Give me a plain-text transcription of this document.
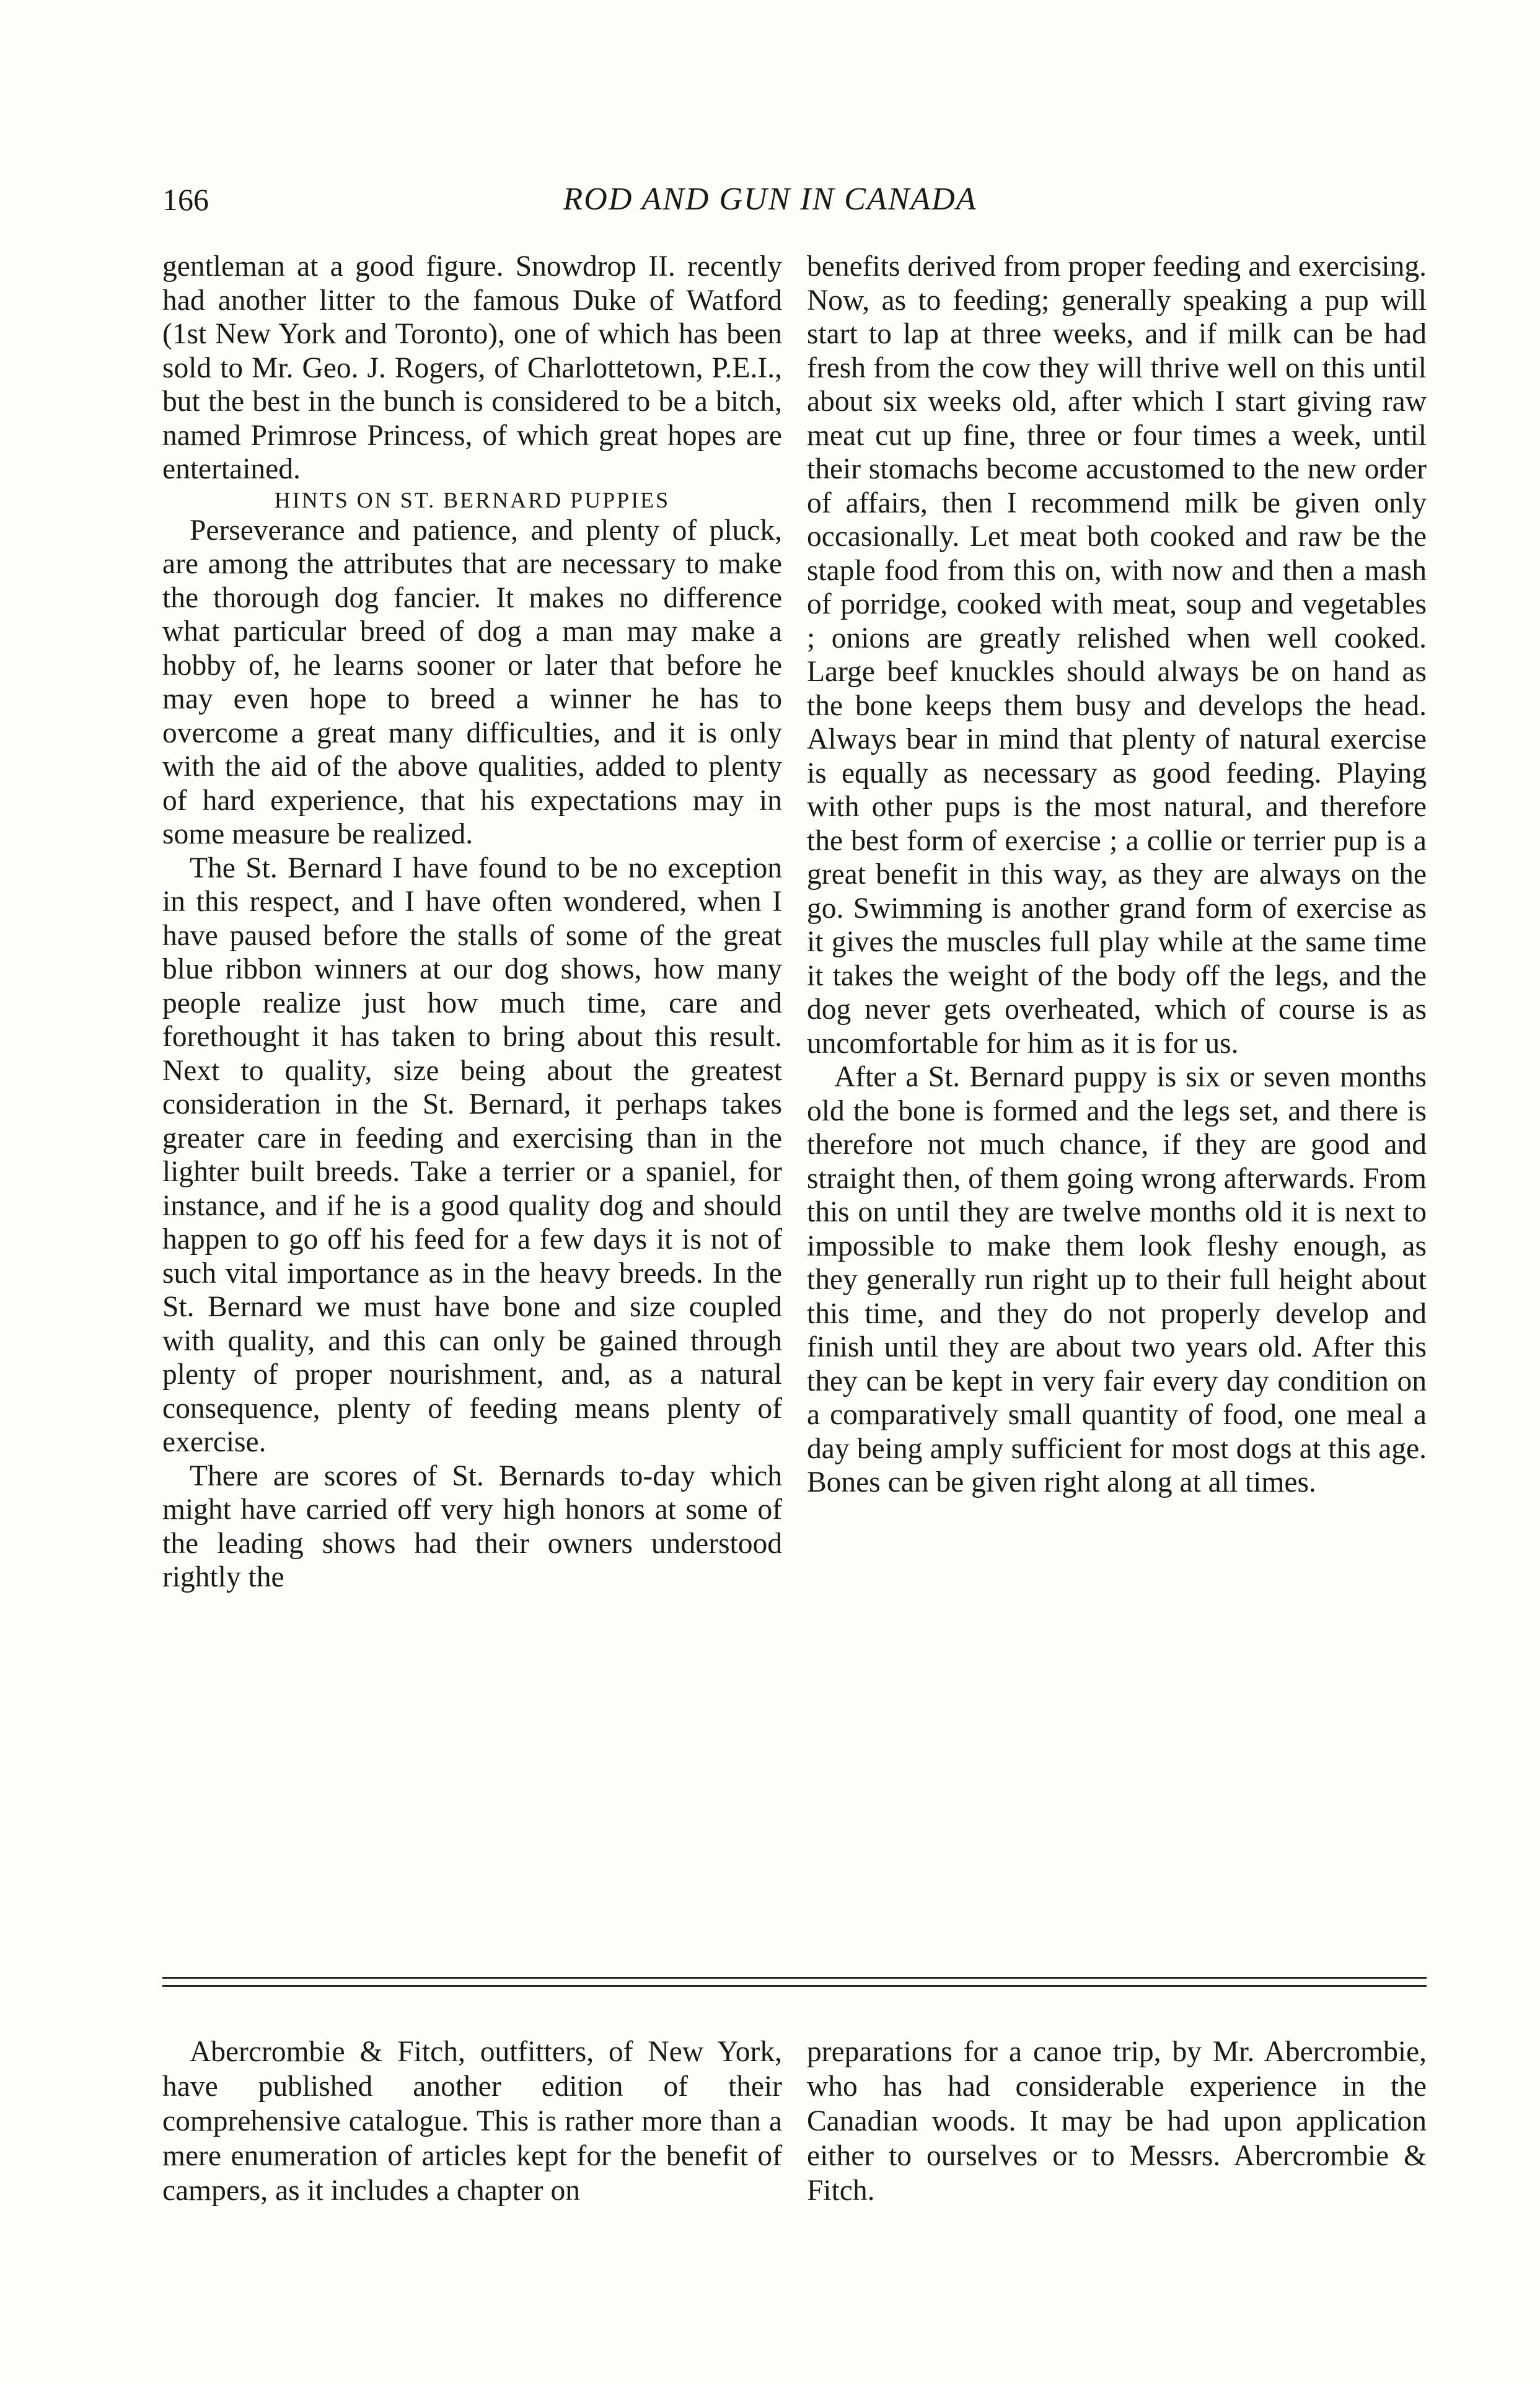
166	ROD AND GUN IN CANADA

gentleman at a good figure. Snowdrop II. recently had another litter to the famous Duke of Watford (1st New York and Toronto), one of which has been sold to Mr. Geo. J. Rogers, of Charlottetown, P.E.I., but the best in the bunch is considered to be a bitch, named Primrose Princess, of which great hopes are entertained.

HINTS ON ST. BERNARD PUPPIES

Perseverance and patience, and plenty of pluck, are among the attributes that are necessary to make the thorough dog fancier. It makes no difference what particular breed of dog a man may make a hobby of, he learns sooner or later that before he may even hope to breed a winner he has to overcome a great many difficulties, and it is only with the aid of the above qualities, added to plenty of hard experience, that his expectations may in some measure be realized.

The St. Bernard I have found to be no exception in this respect, and I have often wondered, when I have paused before the stalls of some of the great blue ribbon winners at our dog shows, how many people realize just how much time, care and forethought it has taken to bring about this result. Next to quality, size being about the greatest consideration in the St. Bernard, it perhaps takes greater care in feeding and exercising than in the lighter built breeds. Take a terrier or a spaniel, for instance, and if he is a good quality dog and should happen to go off his feed for a few days it is not of such vital importance as in the heavy breeds. In the St. Bernard we must have bone and size coupled with quality, and this can only be gained through plenty of proper nourishment, and, as a natural consequence, plenty of feeding means plenty of exercise.

There are scores of St. Bernards to-day which might have carried off very high honors at some of the leading shows had their owners understood rightly the

benefits derived from proper feeding and exercising. Now, as to feeding; generally speaking a pup will start to lap at three weeks, and if milk can be had fresh from the cow they will thrive well on this until about six weeks old, after which I start giving raw meat cut up fine, three or four times a week, until their stomachs become accustomed to the new order of affairs, then I recommend milk be given only occasionally. Let meat both cooked and raw be the staple food from this on, with now and then a mash of porridge, cooked with meat, soup and vegetables ; onions are greatly relished when well cooked. Large beef knuckles should always be on hand as the bone keeps them busy and develops the head. Always bear in mind that plenty of natural exercise is equally as necessary as good feeding. Playing with other pups is the most natural, and therefore the best form of exercise ; a collie or terrier pup is a great benefit in this way, as they are always on the go. Swimming is another grand form of exercise as it gives the muscles full play while at the same time it takes the weight of the body off the legs, and the dog never gets overheated, which of course is as uncomfortable for him as it is for us.

After a St. Bernard puppy is six or seven months old the bone is formed and the legs set, and there is therefore not much chance, if they are good and straight then, of them going wrong afterwards. From this on until they are twelve months old it is next to impossible to make them look fleshy enough, as they generally run right up to their full height about this time, and they do not properly develop and finish until they are about two years old. After this they can be kept in very fair every day condition on a comparatively small quantity of food, one meal a day being amply sufficient for most dogs at this age. Bones can be given right along at all times.

Abercrombie & Fitch, outfitters, of New York, have published another edition of their comprehensive catalogue. This is rather more than a mere enumeration of articles kept for the benefit of campers, as it includes a chapter on

preparations for a canoe trip, by Mr. Abercrombie, who has had considerable experience in the Canadian woods. It may be had upon application either to ourselves or to Messrs. Abercrombie & Fitch.
